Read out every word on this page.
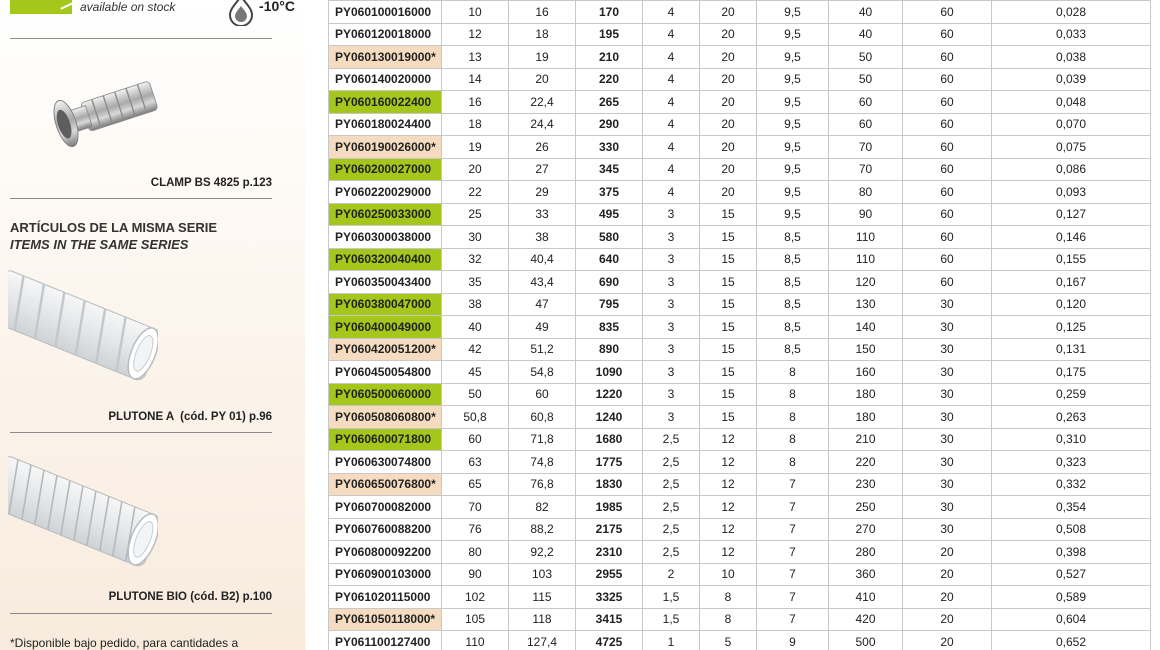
available on stock	-10°C
CLAMP BS 4825 p.123
ARTÍCULOS DE LA MISMA SERIE
ITEMS IN THE SAME SERIES
PLUTONE A  (cód. PY 01) p.96
PLUTONE BIO (cód. B2) p.100
*Disponible bajo pedido, para cantidades a
PY060100016000	10	16	170	4	20	9,5	40	60	0,028
PY060120018000	12	18	195	4	20	9,5	40	60	0,033
PY060130019000*	13	19	210	4	20	9,5	50	60	0,038
PY060140020000	14	20	220	4	20	9,5	50	60	0,039
PY060160022400	16	22,4	265	4	20	9,5	60	60	0,048
PY060180024400	18	24,4	290	4	20	9,5	60	60	0,070
PY060190026000*	19	26	330	4	20	9,5	70	60	0,075
PY060200027000	20	27	345	4	20	9,5	70	60	0,086
PY060220029000	22	29	375	4	20	9,5	80	60	0,093
PY060250033000	25	33	495	3	15	9,5	90	60	0,127
PY060300038000	30	38	580	3	15	8,5	110	60	0,146
PY060320040400	32	40,4	640	3	15	8,5	110	60	0,155
PY060350043400	35	43,4	690	3	15	8,5	120	60	0,167
PY060380047000	38	47	795	3	15	8,5	130	30	0,120
PY060400049000	40	49	835	3	15	8,5	140	30	0,125
PY060420051200*	42	51,2	890	3	15	8,5	150	30	0,131
PY060450054800	45	54,8	1090	3	15	8	160	30	0,175
PY060500060000	50	60	1220	3	15	8	180	30	0,259
PY060508060800*	50,8	60,8	1240	3	15	8	180	30	0,263
PY060600071800	60	71,8	1680	2,5	12	8	210	30	0,310
PY060630074800	63	74,8	1775	2,5	12	8	220	30	0,323
PY060650076800*	65	76,8	1830	2,5	12	7	230	30	0,332
PY060700082000	70	82	1985	2,5	12	7	250	30	0,354
PY060760088200	76	88,2	2175	2,5	12	7	270	30	0,508
PY060800092200	80	92,2	2310	2,5	12	7	280	20	0,398
PY060900103000	90	103	2955	2	10	7	360	20	0,527
PY061020115000	102	115	3325	1,5	8	7	410	20	0,589
PY061050118000*	105	118	3415	1,5	8	7	420	20	0,604
PY061100127400	110	127,4	4725	1	5	9	500	20	0,652
